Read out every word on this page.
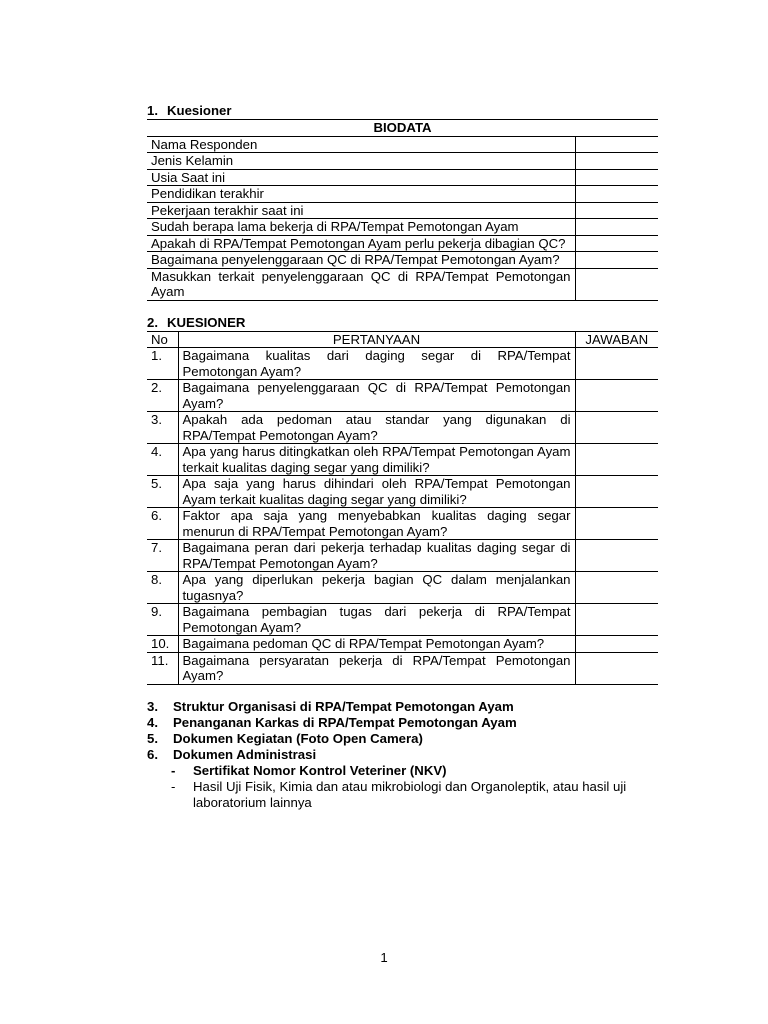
1. Kuesioner
BIODATA	
Nama Responden	
Jenis Kelamin	
Usia Saat ini	
Pendidikan terakhir	
Pekerjaan terakhir saat ini	
Sudah berapa lama bekerja di RPA/Tempat Pemotongan Ayam	
Apakah di RPA/Tempat Pemotongan Ayam perlu pekerja dibagian QC?	
Bagaimana penyelenggaraan QC di RPA/Tempat Pemotongan Ayam?	
Masukkan terkait penyelenggaraan QC di RPA/Tempat Pemotongan Ayam	
2. KUESIONER
No	PERTANYAAN	JAWABAN
1.	Bagaimana kualitas dari daging segar di RPA/Tempat Pemotongan Ayam?	
2.	Bagaimana penyelenggaraan QC di RPA/Tempat Pemotongan Ayam?	
3.	Apakah ada pedoman atau standar yang digunakan di RPA/Tempat Pemotongan Ayam?	
4.	Apa yang harus ditingkatkan oleh RPA/Tempat Pemotongan Ayam terkait kualitas daging segar yang dimiliki?	
5.	Apa saja yang harus dihindari oleh RPA/Tempat Pemotongan Ayam terkait kualitas daging segar yang dimiliki?	
6.	Faktor apa saja yang menyebabkan kualitas daging segar menurun di RPA/Tempat Pemotongan Ayam?	
7.	Bagaimana peran dari pekerja terhadap kualitas daging segar di RPA/Tempat Pemotongan Ayam?	
8.	Apa yang diperlukan pekerja bagian QC dalam menjalankan tugasnya?	
9.	Bagaimana pembagian tugas dari pekerja di RPA/Tempat Pemotongan Ayam?	
10.	Bagaimana pedoman QC di RPA/Tempat Pemotongan Ayam?	
11.	Bagaimana persyaratan pekerja di RPA/Tempat Pemotongan Ayam?	
3. Struktur Organisasi di RPA/Tempat Pemotongan Ayam
4. Penanganan Karkas di RPA/Tempat Pemotongan Ayam
5. Dokumen Kegiatan (Foto Open Camera)
6. Dokumen Administrasi
- Sertifikat Nomor Kontrol Veteriner (NKV)
- Hasil Uji Fisik, Kimia dan atau mikrobiologi dan Organoleptik, atau hasil uji laboratorium lainnya
1
